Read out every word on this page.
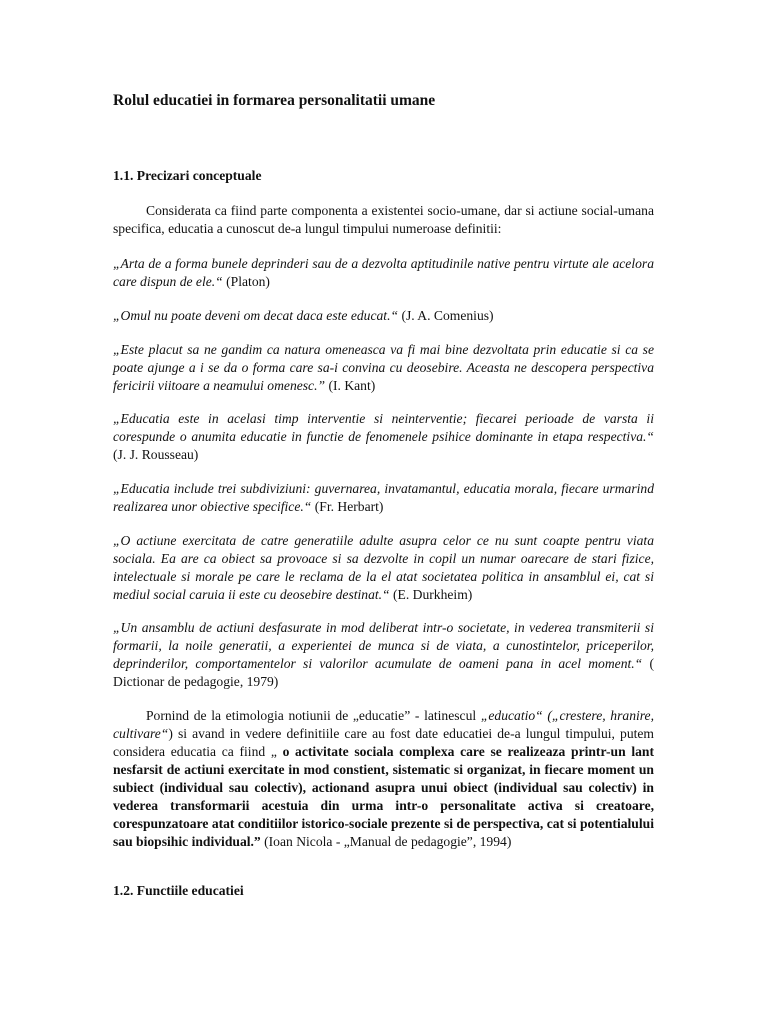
Rolul educatiei in formarea personalitatii umane
1.1. Precizari conceptuale

Considerata ca fiind parte componenta a existentei socio-umane, dar si actiune social-umana specifica, educatia a cunoscut de-a lungul timpului numeroase definitii:

„Arta de a forma bunele deprinderi sau de a dezvolta aptitudinile native pentru virtute ale acelora care dispun de ele.“ (Platon)

„Omul nu poate deveni om decat daca este educat.“ (J. A. Comenius)

„Este placut sa ne gandim ca natura omeneasca va fi mai bine dezvoltata prin educatie si ca se poate ajunge a i se da o forma care sa-i convina cu deosebire. Aceasta ne descopera perspectiva fericirii viitoare a neamului omenesc.” (I. Kant)

„Educatia este in acelasi timp interventie si neinterventie; fiecarei perioade de varsta ii corespunde o anumita educatie in functie de fenomenele psihice dominante in etapa respectiva.“ (J. J. Rousseau)

„Educatia include trei subdiviziuni: guvernarea, invatamantul, educatia morala, fiecare urmarind realizarea unor obiective specifice.“ (Fr. Herbart)

„O actiune exercitata de catre generatiile adulte asupra celor ce nu sunt coapte pentru viata sociala. Ea are ca obiect sa provoace si sa dezvolte in copil un numar oarecare de stari fizice, intelectuale si morale pe care le reclama de la el atat societatea politica in ansamblul ei, cat si mediul social caruia ii este cu deosebire destinat.“ (E. Durkheim)

„Un ansamblu de actiuni desfasurate in mod deliberat intr-o societate, in vederea transmiterii si formarii, la noile generatii, a experientei de munca si de viata, a cunostintelor, priceperilor, deprinderilor, comportamentelor si valorilor acumulate de oameni pana in acel moment.“ ( Dictionar de pedagogie, 1979)

Pornind de la etimologia notiunii de „educatie” - latinescul „educatio“ („crestere, hranire, cultivare“) si avand in vedere definitiile care au fost date educatiei de-a lungul timpului, putem considera educatia ca fiind „ o activitate sociala complexa care se realizeaza printr-un lant nesfarsit de actiuni exercitate in mod constient, sistematic si organizat, in fiecare moment un subiect (individual sau colectiv), actionand asupra unui obiect (individual sau colectiv) in vederea transformarii acestuia din urma intr-o personalitate activa si creatoare, corespunzatoare atat conditiilor istorico-sociale prezente si de perspectiva, cat si potentialului sau biopsihic individual.” (Ioan Nicola - „Manual de pedagogie”, 1994)

1.2. Functiile educatiei
